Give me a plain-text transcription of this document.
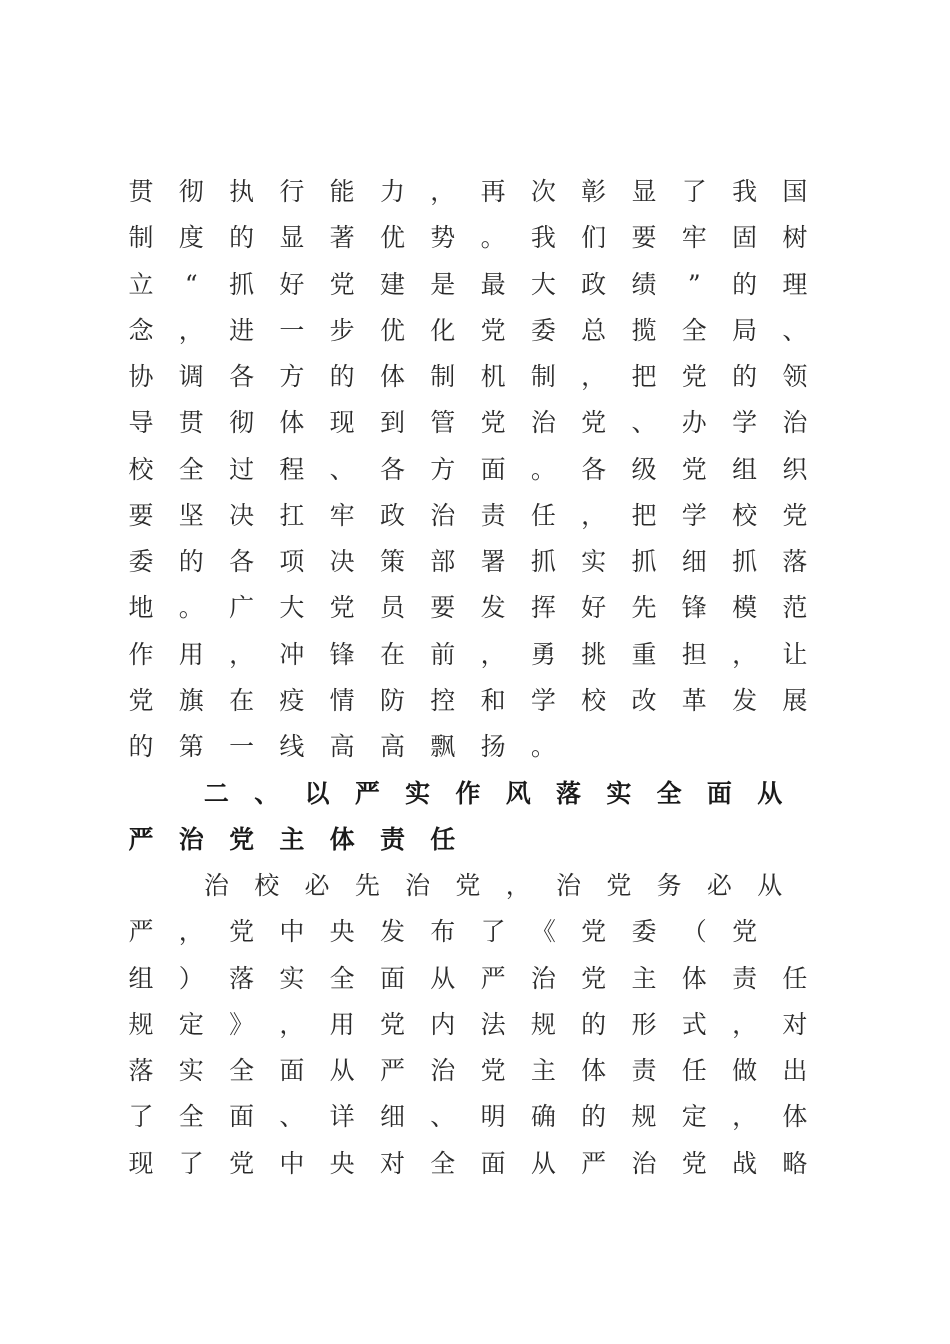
贯 彻 执 行 能 力 ， 再 次 彰 显 了 我 国
制 度 的 显 著 优 势 。 我 们 要 牢 固 树
立	“	抓 好 党 建 是 最 大 政 绩	”	的 理
念 ， 进 一 步 优 化 党 委 总 揽 全 局 、
协 调 各 方 的 体 制 机 制 ， 把 党 的 领
导 贯 彻 体 现 到 管 党 治 党 、 办 学 治
校 全 过 程 、 各 方 面 。 各 级 党 组 织
要 坚 决 扛 牢 政 治 责 任 ， 把 学 校 党
委 的 各 项 决 策 部 署 抓 实 抓 细 抓 落
地 。 广 大 党 员 要 发 挥 好 先 锋 模 范
作 用 ， 冲 锋 在 前 ， 勇 挑 重 担 ， 让
党 旗 在 疫 情 防 控 和 学 校 改 革 发 展
的 第 一 线 高 高 飘 扬 。
二 、 以 严 实 作 风 落 实 全 面 从
严 治 党 主 体 责 任
治 校 必 先 治 党 ， 治 党 务 必 从
严 ， 党 中 央 发 布 了 《 党 委 （ 党
组 ） 落 实 全 面 从 严 治 党 主 体 责 任
规 定 》 ， 用 党 内 法 规 的 形 式 ， 对
落 实 全 面 从 严 治 党 主 体 责 任 做 出
了 全 面 、 详 细 、 明 确 的 规 定 ， 体
现 了 党 中 央 对 全 面 从 严 治 党 战 略
